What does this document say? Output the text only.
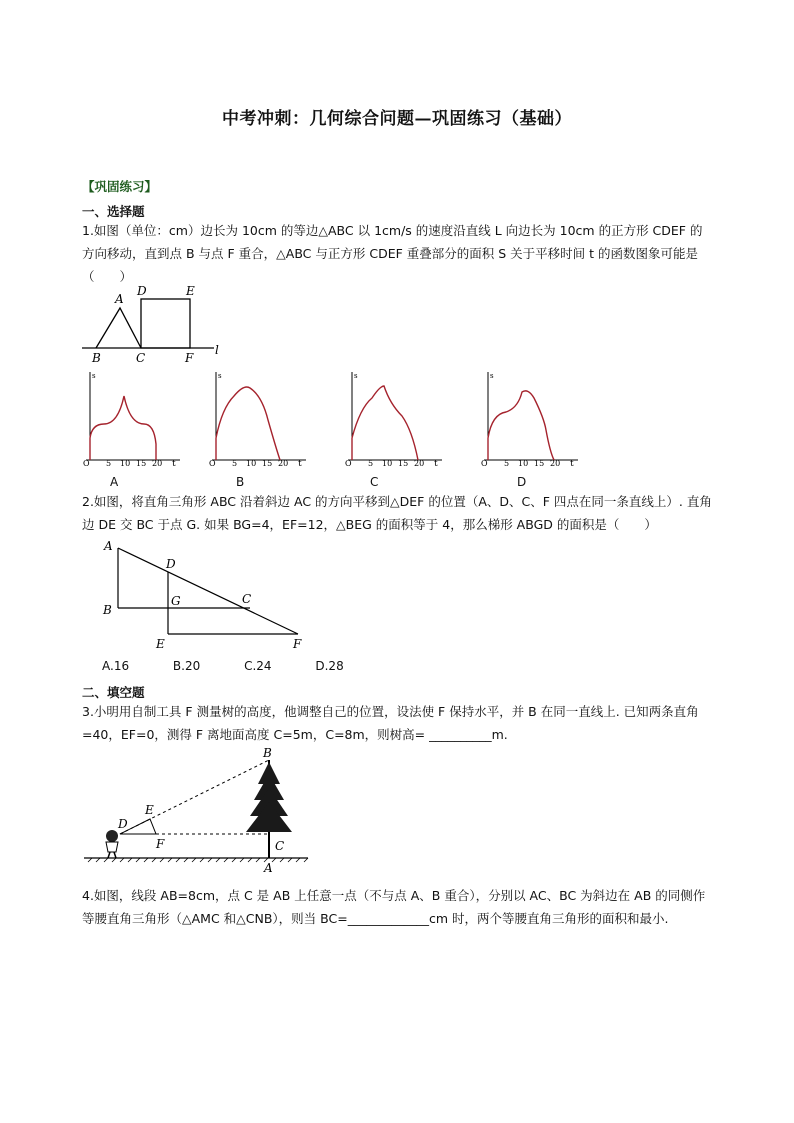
中考冲刺：几何综合问题—巩固练习（基础）
【巩固练习】
一、选择题
1.如图（单位：cm）边长为 10cm 的等边△ABC 以 1cm/s 的速度沿直线 L 向边长为 10cm 的正方形 CDEF 的方向移动，直到点 B 与点 F 重合，△ABC 与正方形 CDEF 重叠部分的面积 S 关于平移时间 t 的函数图象可能是（　　）
A
B	C
D	E
F
l
s
O 5 10 15 20 t
s
O 5 10 15 20 t
s
O 5 10 15 20 t
s
O 5 10 15 20 t
A	B	C	D
2.如图，将直角三角形 ABC 沿着斜边 AC 的方向平移到△DEF 的位置（A、D、C、F 四点在同一条直线上）. 直角边 DE 交 BC 于点 G. 如果 BG=4，EF=12，△BEG 的面积等于 4，那么梯形 ABGD 的面积是（　　）
A
D
B
G	C
E	F
A.16	B.20	C.24	D.28
二、填空题
3.小明用自制工具 F 测量树的高度，他调整自己的位置，设法使 F 保持水平，并 B 在同一直线上. 已知两条直角=40，EF=0，测得 F 离地面高度 C=5m，C=8m，则树高= __________m.
B
E
D
F	C
A
4.如图，线段 AB=8cm，点 C 是 AB 上任意一点（不与点 A、B 重合），分别以 AC、BC 为斜边在 AB 的同侧作等腰直角三角形（△AMC 和△CNB），则当 BC=_____________cm 时，两个等腰直角三角形的面积和最小.
